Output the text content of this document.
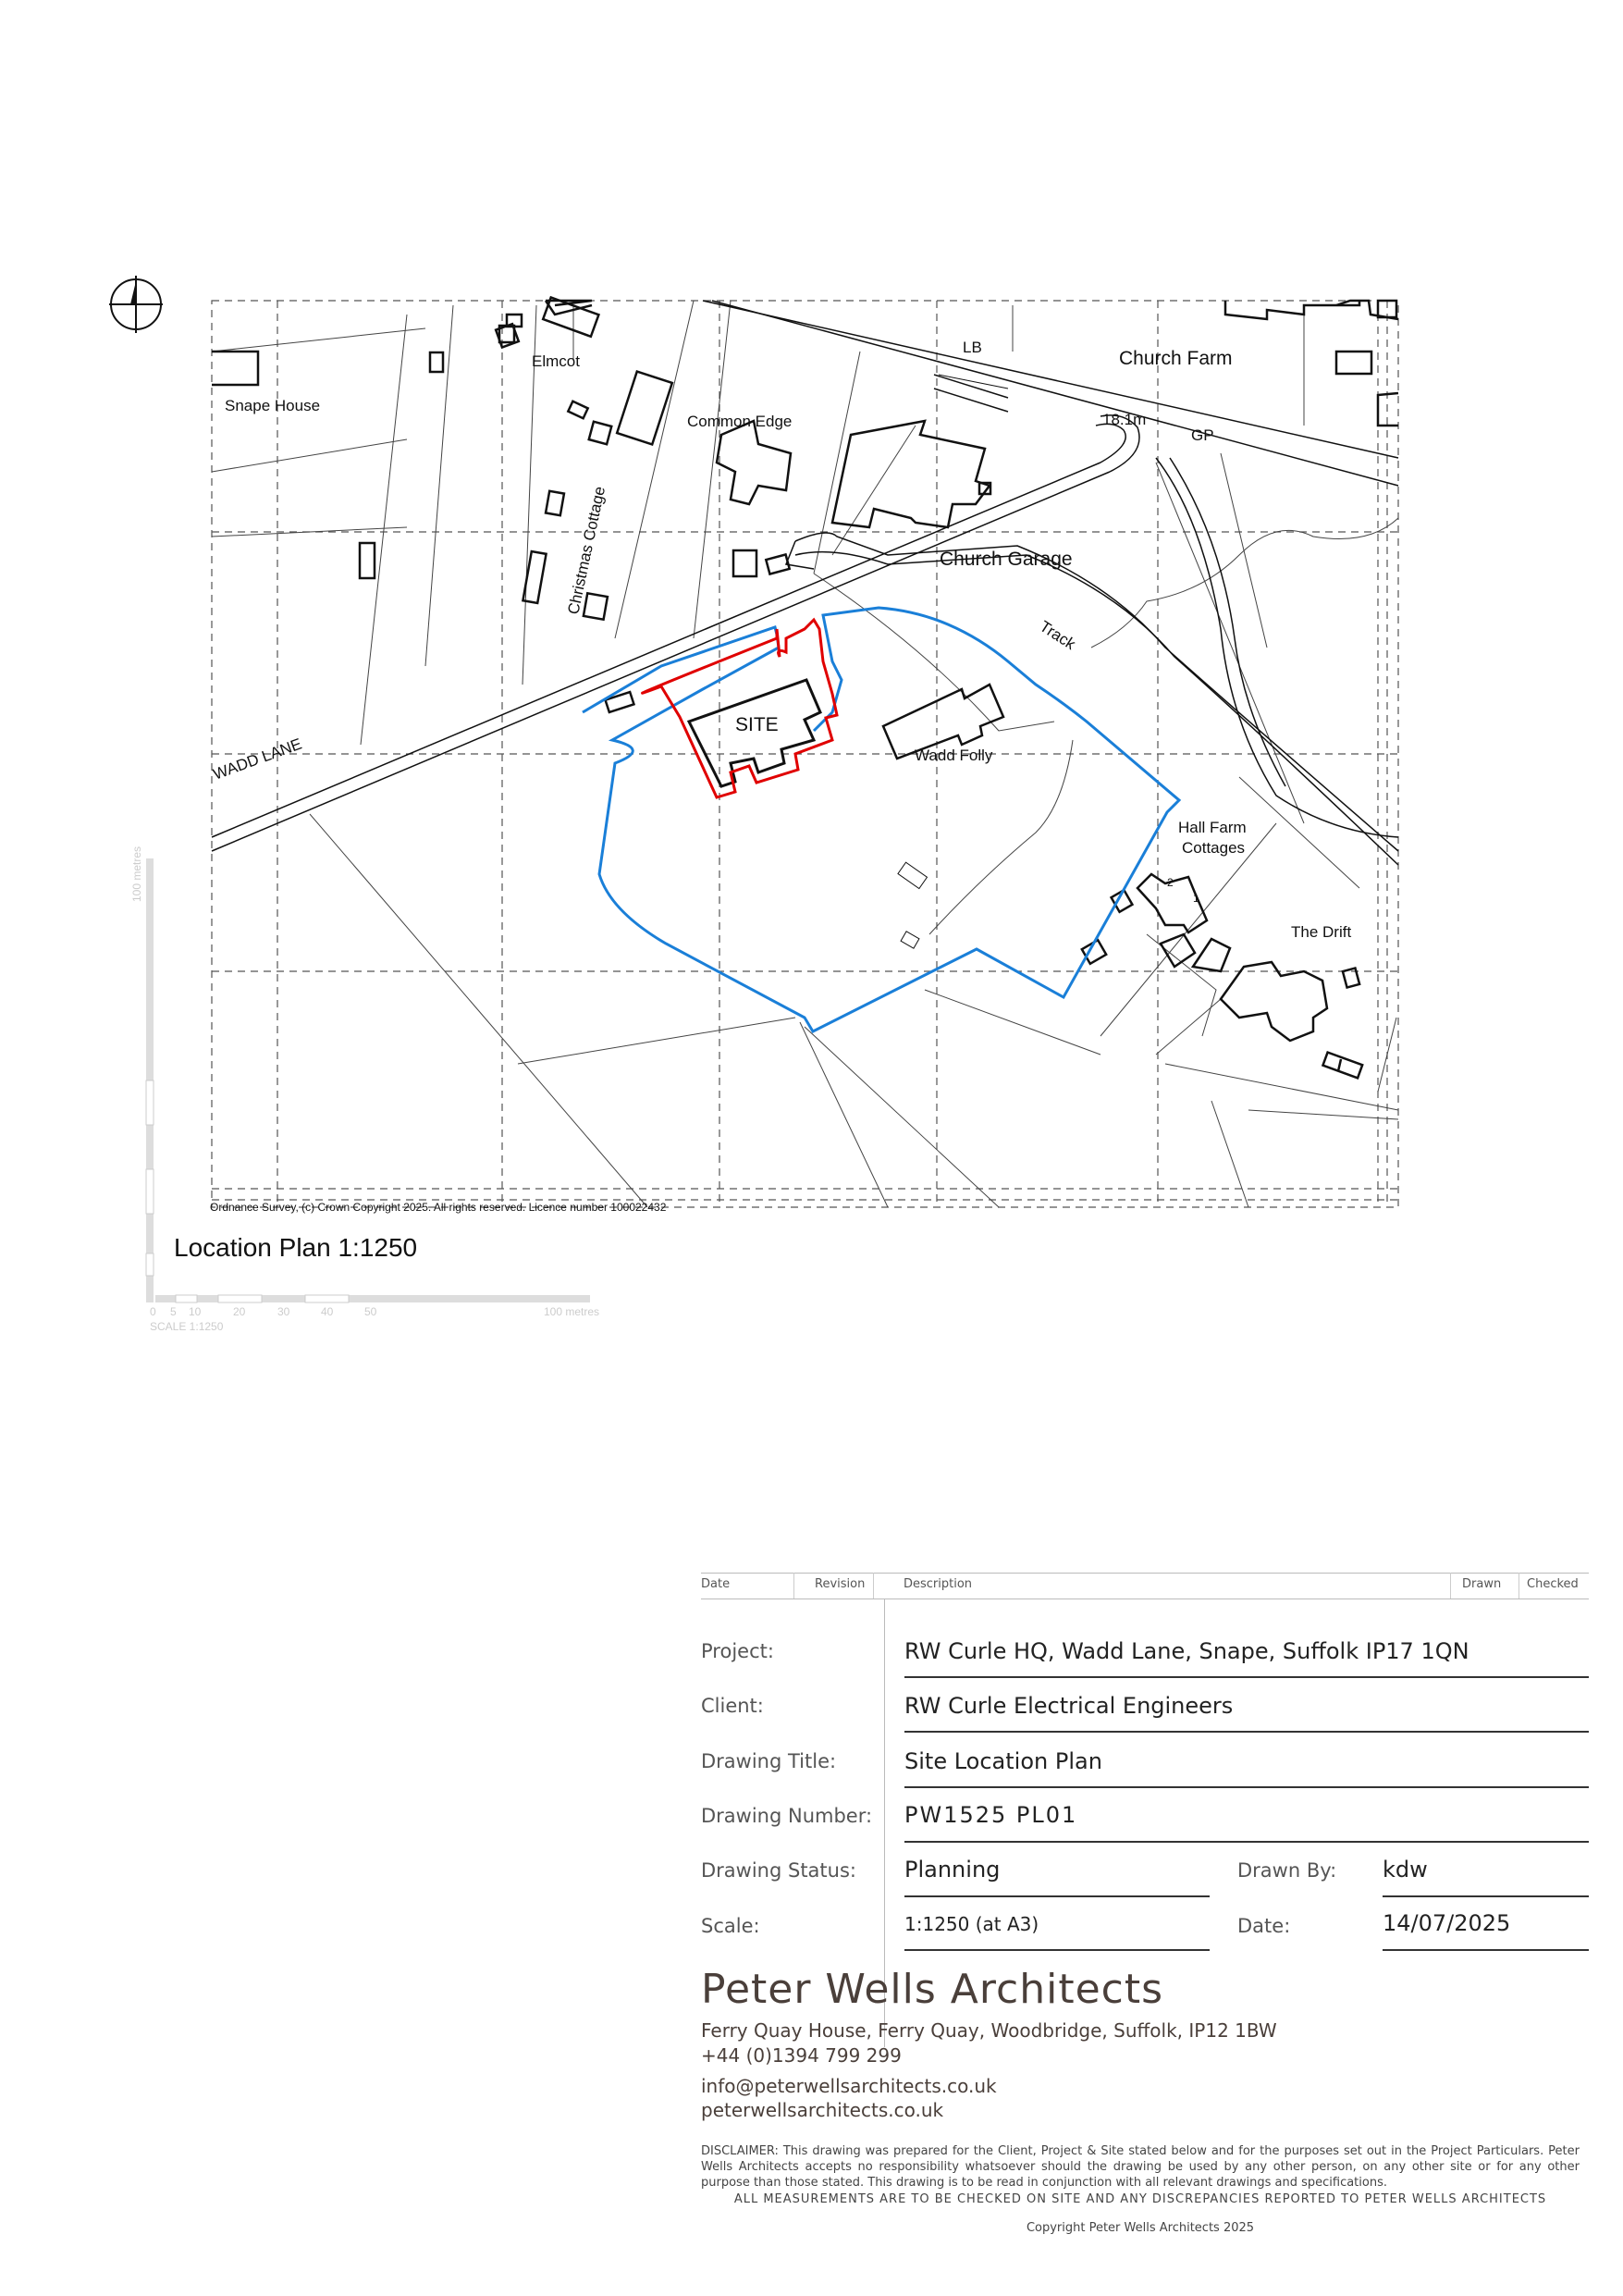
Snape House
Elmcot
Common Edge
Christmas Cottage
LB
Church Farm
18.1m
GP
Church Garage
Track
SITE
Wadd Folly
WADD LANE
Hall Farm
Cottages
The Drift
2
1
0 5 10	20	30	40	50	100 metres
SCALE 1:1250
100 metres
Ordnance Survey, (c) Crown Copyright 2025. All rights reserved. Licence number 100022432
Location Plan 1:1250
Date	Revision	Description	Drawn Checked
Project:	RW Curle HQ, Wadd Lane, Snape, Suffolk IP17 1QN
Client:	RW Curle Electrical Engineers
Drawing Title:	Site Location Plan
Drawing Number: PW1525 PL01
Drawing Status: Planning	Drawn By: kdw
Scale:	1:1250 (at A3)	Date:	14/07/2025
Peter Wells Architects
Ferry Quay House, Ferry Quay, Woodbridge, Suffolk, IP12 1BW
+44 (0)1394 799 299
info@peterwellsarchitects.co.uk
peterwellsarchitects.co.uk
DISCLAIMER: This drawing was prepared for the Client, Project & Site stated below and for the purposes set out in the Project Particulars. Peter Wells Architects accepts no responsibility whatsoever should the drawing be used by any other person, on any other site or for any other purpose than those stated. This drawing is to be read in conjunction with all relevant drawings and specifications.
ALL MEASUREMENTS ARE TO BE CHECKED ON SITE AND ANY DISCREPANCIES REPORTED TO PETER WELLS ARCHITECTS
Copyright Peter Wells Architects 2025
